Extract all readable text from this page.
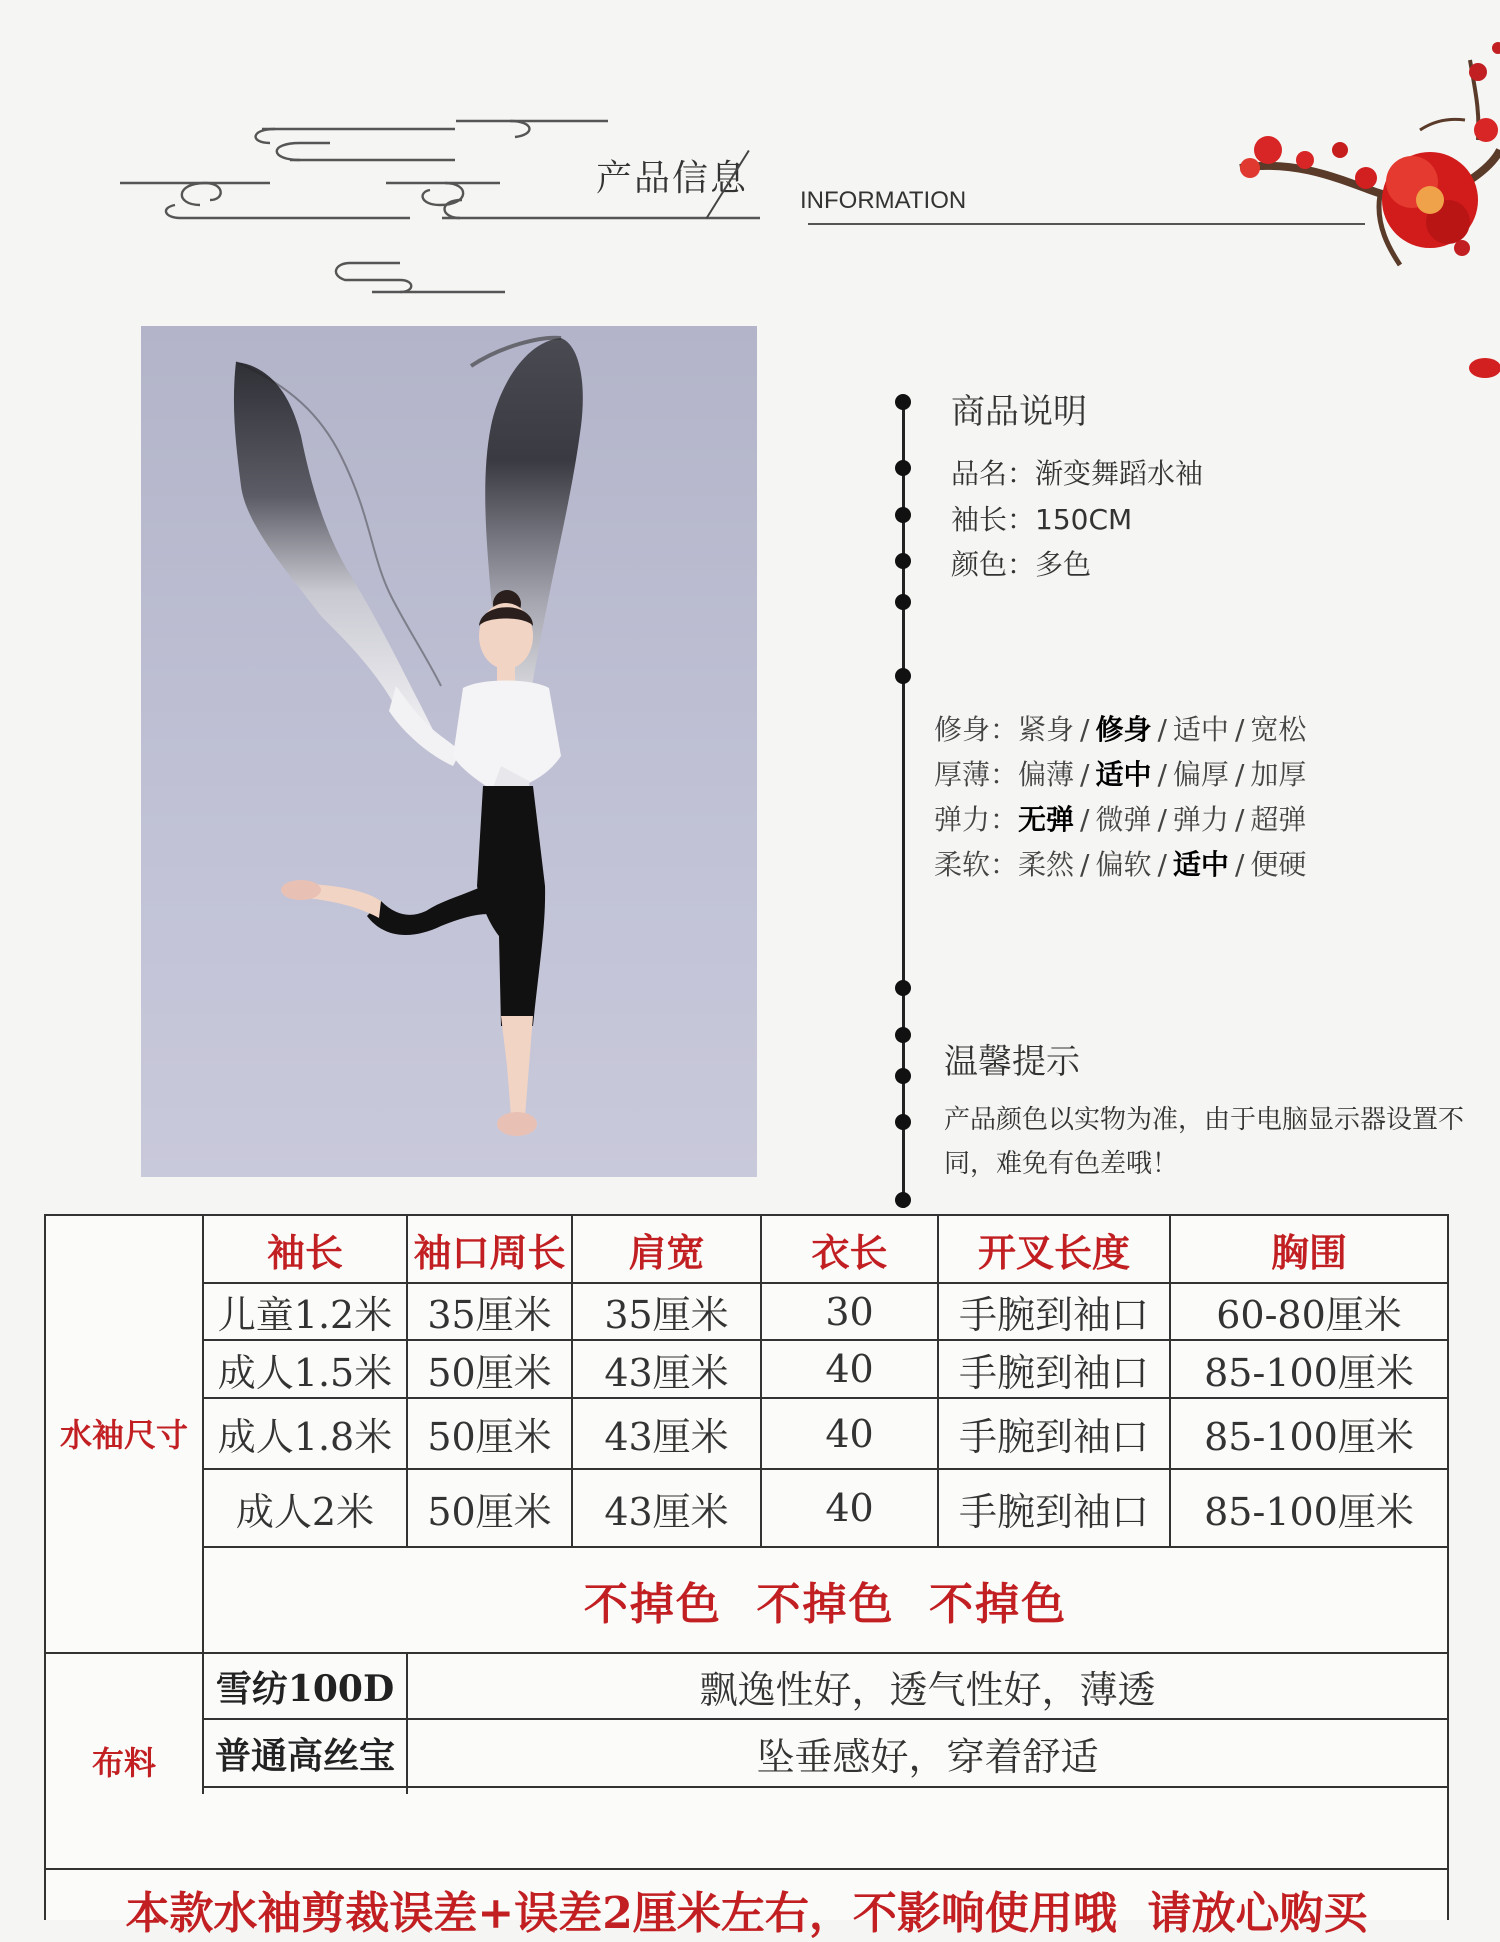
产品信息
INFORMATION
商品说明
品名：渐变舞蹈水袖
袖长：150CM
颜色：多色
修身：紧身 / 修身 / 适中 / 宽松
厚薄：偏薄 / 适中 / 偏厚 / 加厚
弹力：无弹 / 微弹 / 弹力 / 超弹
柔软：柔然 / 偏软 / 适中 / 便硬
温馨提示
产品颜色以实物为准，由于电脑显示器设置不同，难免有色差哦！
水袖尺寸
袖长	袖口周长	肩宽	衣长	开叉长度	胸围
儿童1.2米 35厘米	35厘米	30	手腕到袖口	60-80厘米
成人1.5米 50厘米	43厘米	40	手腕到袖口	85-100厘米
成人1.8米 50厘米	43厘米	40	手腕到袖口	85-100厘米
成人2米	50厘米	43厘米	40	手腕到袖口	85-100厘米
不掉色  不掉色  不掉色
布料
雪纺100D	飘逸性好，透气性好，薄透
普通高丝宝	坠垂感好，穿着舒适
本款水袖剪裁误差+误差2厘米左右，不影响使用哦  请放心购买
